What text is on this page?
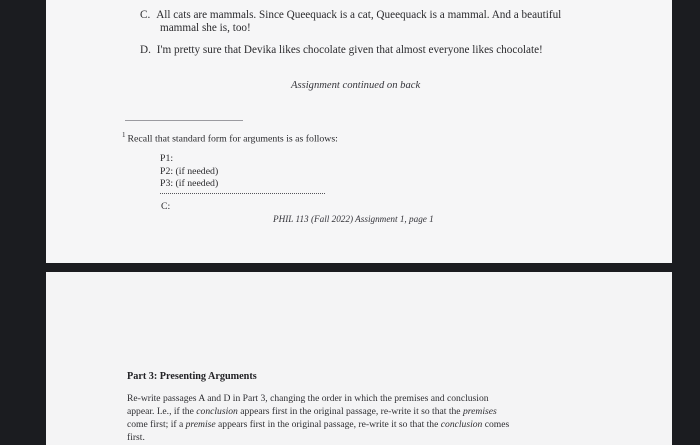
C. All cats are mammals. Since Queequack is a cat, Queequack is a mammal. And a beautiful
mammal she is, too!
D. I'm pretty sure that Devika likes chocolate given that almost everyone likes chocolate!
Assignment continued on back
$^1$ Recall that standard form for arguments is as follows:
P1:
P2: (if needed)
P3: (if needed)
C:
PHIL 113 (Fall 2022) Assignment 1, page 1
Part 3: Presenting Arguments
Re-write passages A and D in Part 3, changing the order in which the premises and conclusion
appear. I.e., if the conclusion appears first in the original passage, re-write it so that the premises
come first; if a premise appears first in the original passage, re-write it so that the conclusion comes
first.
